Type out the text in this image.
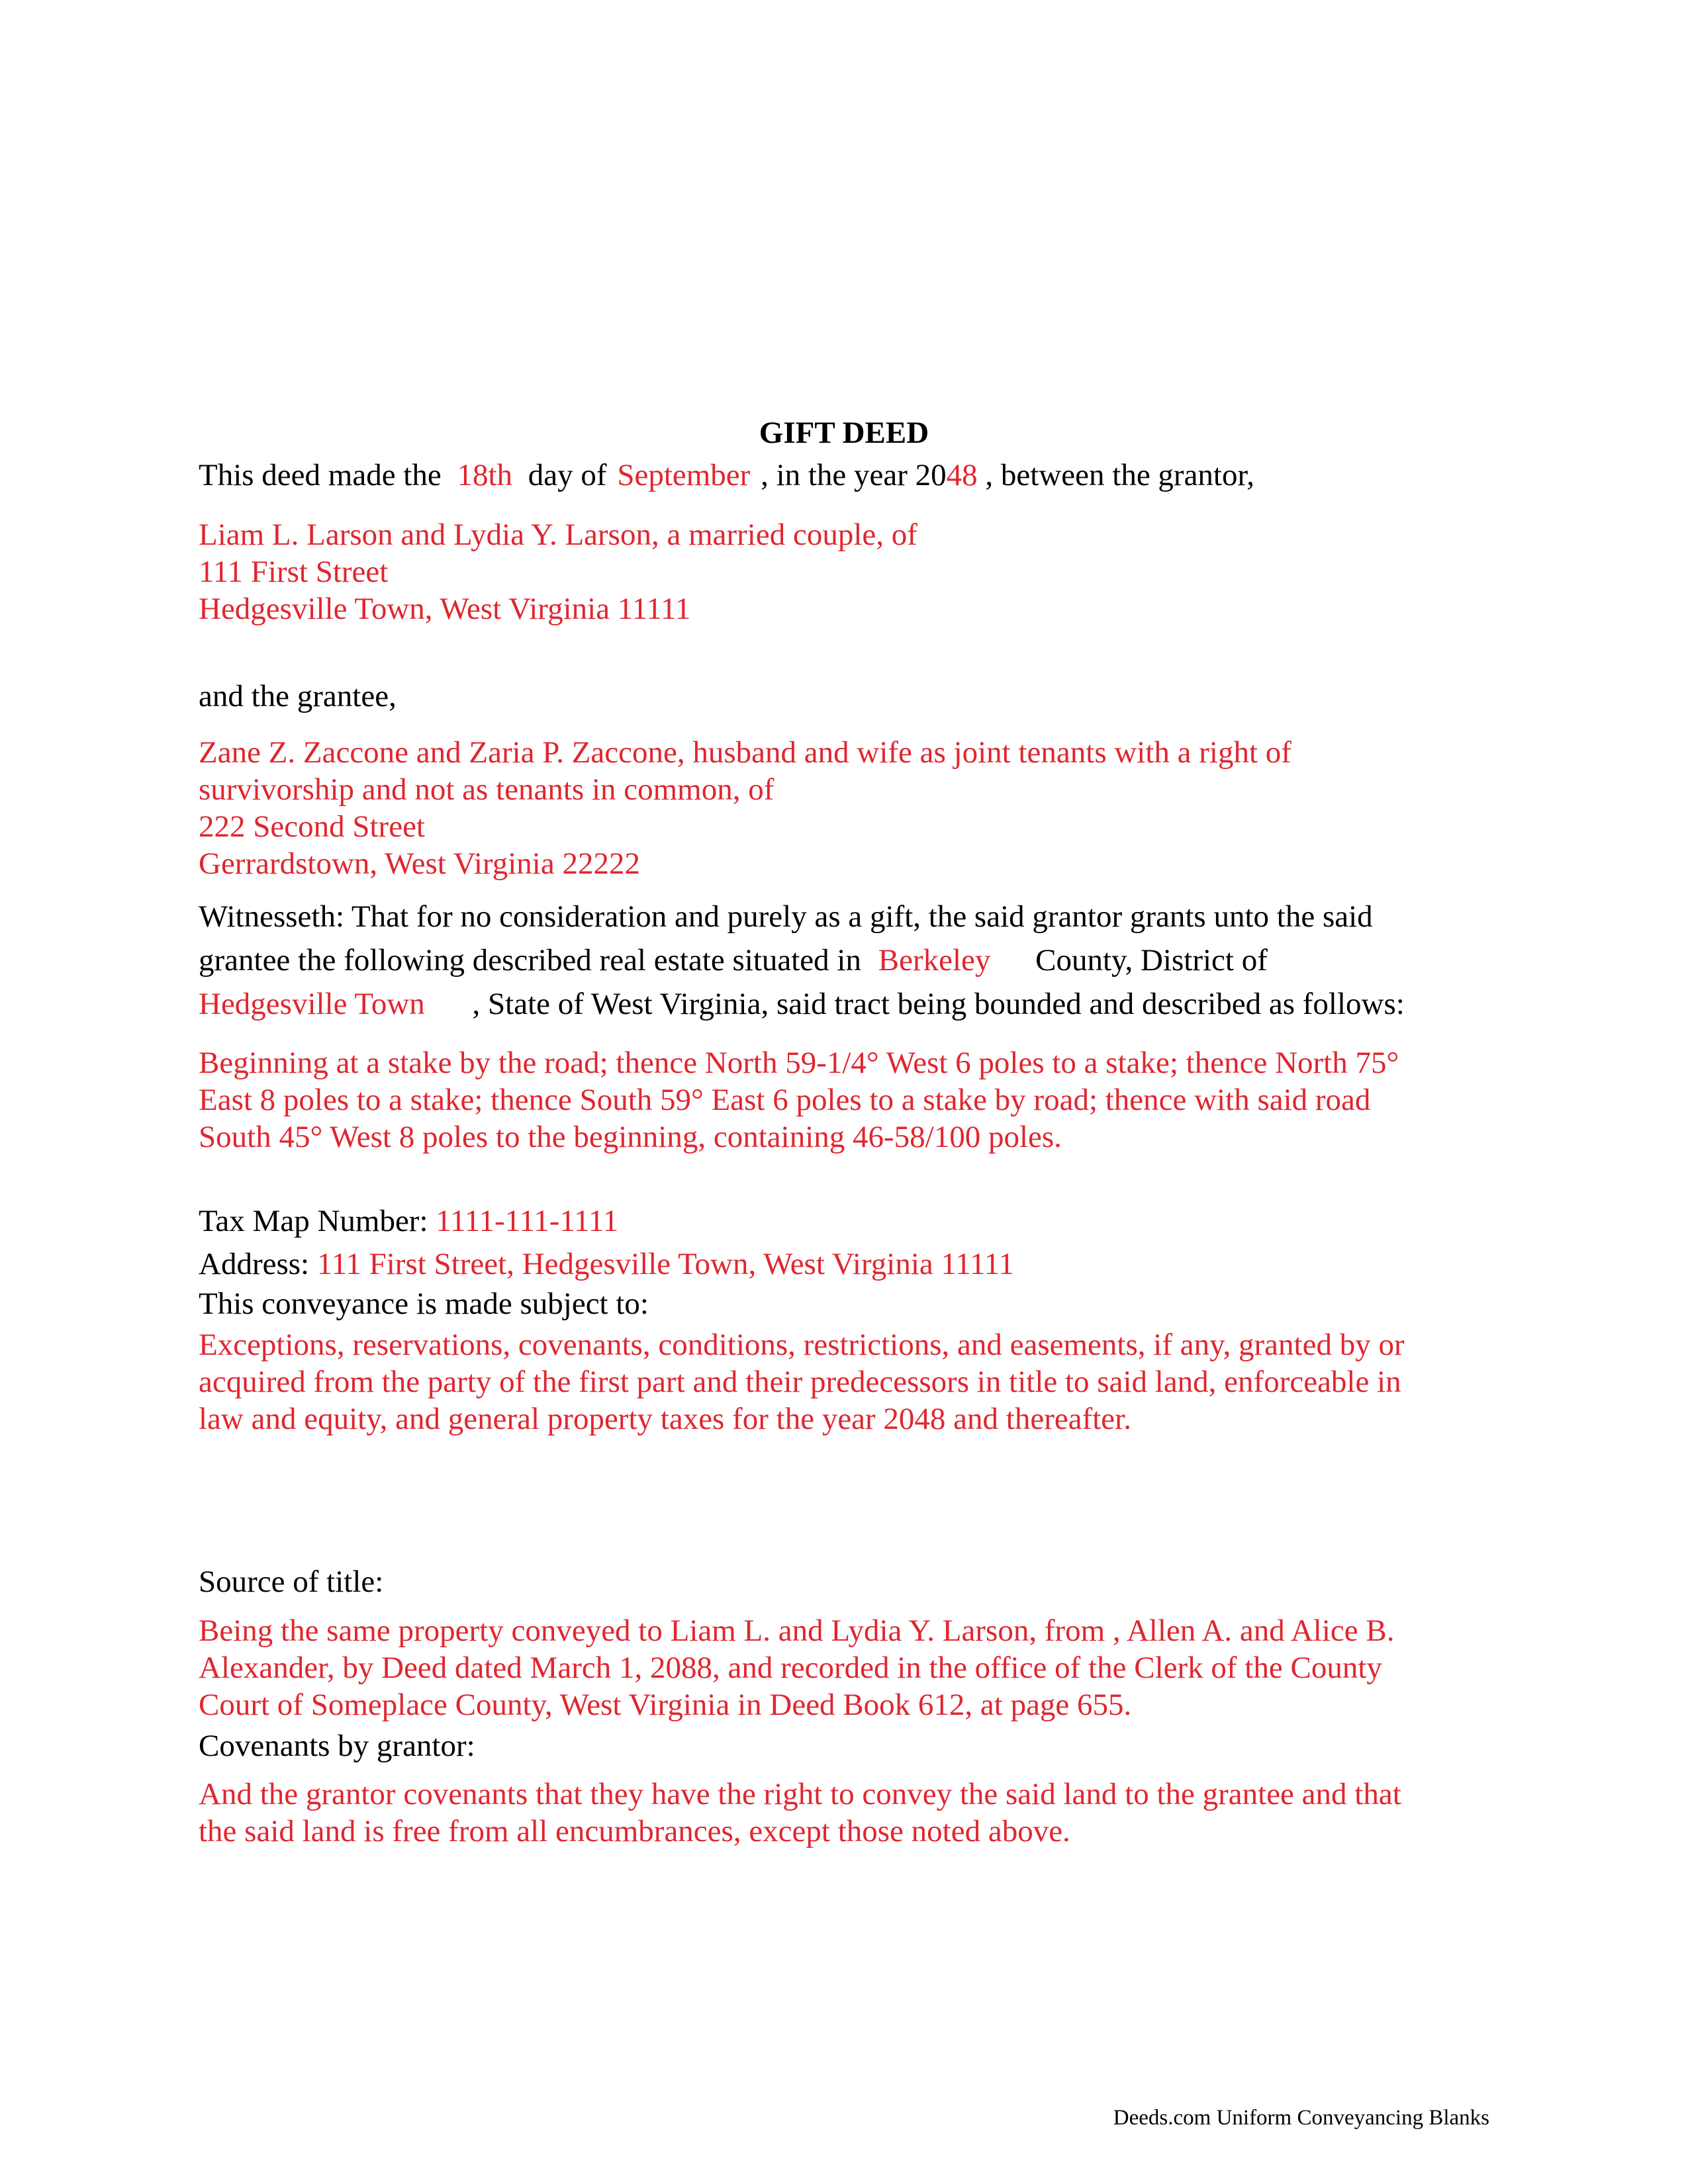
GIFT DEED
This deed made the 18th day of September , in the year 2048 , between the grantor,
Liam L. Larson and Lydia Y. Larson, a married couple, of
111 First Street
Hedgesville Town, West Virginia 11111
and the grantee,
Zane Z. Zaccone and Zaria P. Zaccone, husband and wife as joint tenants with a right of
survivorship and not as tenants in common, of
222 Second Street
Gerrardstown, West Virginia 22222
Witnesseth: That for no consideration and purely as a gift, the said grantor grants unto the said
grantee the following described real estate situated in Berkeley County, District of
Hedgesville Town , State of West Virginia, said tract being bounded and described as follows:
Beginning at a stake by the road; thence North 59-1/4° West 6 poles to a stake; thence North 75°
East 8 poles to a stake; thence South 59° East 6 poles to a stake by road; thence with said road
South 45° West 8 poles to the beginning, containing 46-58/100 poles.
Tax Map Number: 1111-111-1111
Address: 111 First Street, Hedgesville Town, West Virginia 11111
This conveyance is made subject to:
Exceptions, reservations, covenants, conditions, restrictions, and easements, if any, granted by or
acquired from the party of the first part and their predecessors in title to said land, enforceable in
law and equity, and general property taxes for the year 2048 and thereafter.
Source of title:
Being the same property conveyed to Liam L. and Lydia Y. Larson, from , Allen A. and Alice B.
Alexander, by Deed dated March 1, 2088, and recorded in the office of the Clerk of the County
Court of Someplace County, West Virginia in Deed Book 612, at page 655.
Covenants by grantor:
And the grantor covenants that they have the right to convey the said land to the grantee and that
the said land is free from all encumbrances, except those noted above.
Deeds.com Uniform Conveyancing Blanks
